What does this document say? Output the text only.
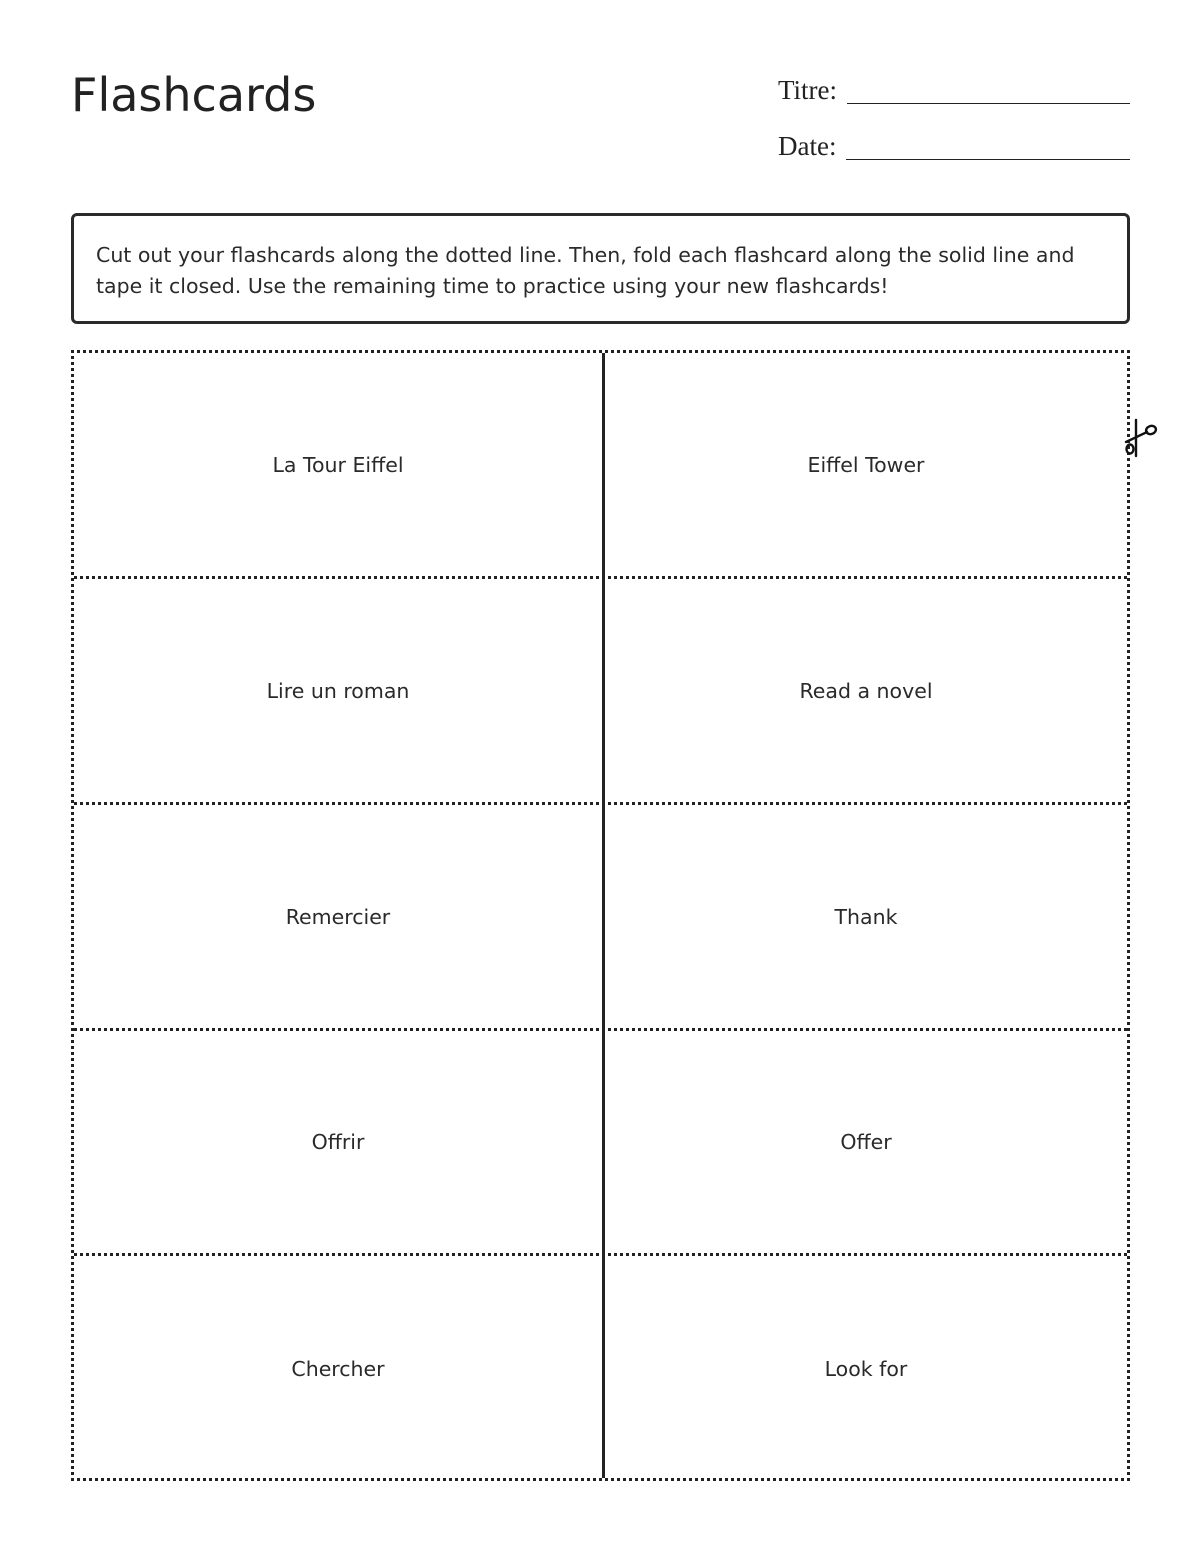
Flashcards	Titre:
Date:
Cut out your flashcards along the dotted line. Then, fold each flashcard along the solid line and tape it closed. Use the remaining time to practice using your new flashcards!
La Tour Eiffel	Eiffel Tower
Lire un roman	Read a novel
Remercier	Thank
Offrir	Offer
Chercher	Look for
